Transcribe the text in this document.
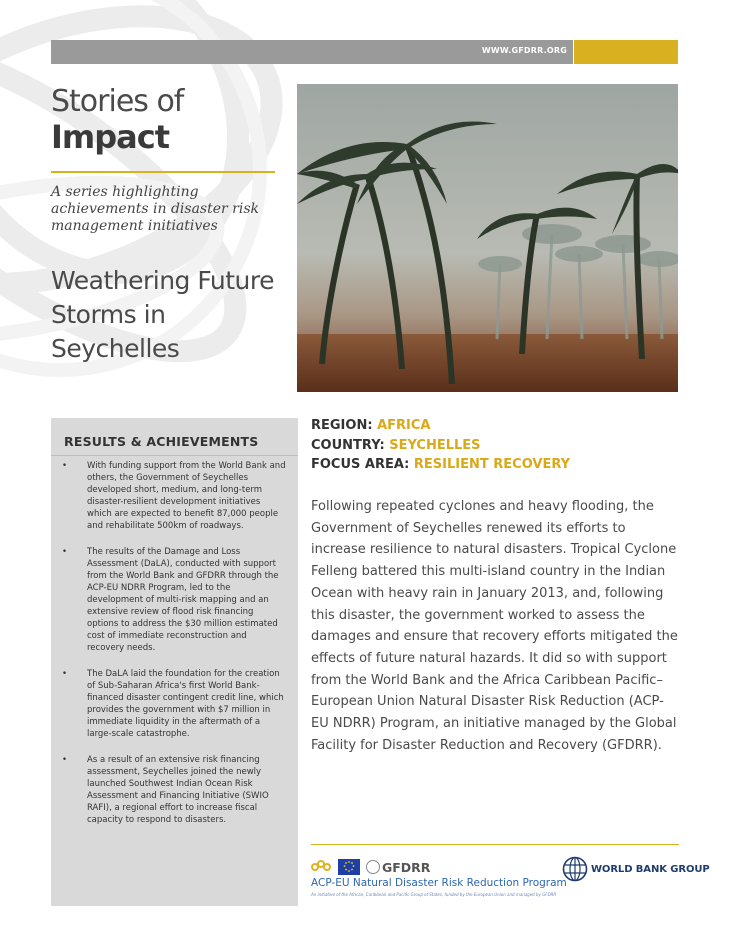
WWW.GFDRR.ORG
Stories of
Impact
A series highlighting achievements in disaster risk management initiatives
Weathering Future Storms in Seychelles
RESULTS & ACHIEVEMENTS
• With funding support from the World Bank and others, the Government of Seychelles developed short, medium, and long-term disaster-resilient development initiatives which are expected to benefit 87,000 people and rehabilitate 500km of roadways.
• The results of the Damage and Loss Assessment (DaLA), conducted with support from the World Bank and GFDRR through the ACP-EU NDRR Program, led to the development of multi-risk mapping and an extensive review of flood risk financing options to address the $30 million estimated cost of immediate reconstruction and recovery needs.
• The DaLA laid the foundation for the creation of Sub-Saharan Africa's first World Bank-financed disaster contingent credit line, which provides the government with $7 million in immediate liquidity in the aftermath of a large-scale catastrophe.
• As a result of an extensive risk financing assessment, Seychelles joined the newly launched Southwest Indian Ocean Risk Assessment and Financing Initiative (SWIO RAFI), a regional effort to increase fiscal capacity to respond to disasters.
REGION: AFRICA
COUNTRY: SEYCHELLES
FOCUS AREA: RESILIENT RECOVERY
Following repeated cyclones and heavy flooding, the Government of Seychelles renewed its efforts to increase resilience to natural disasters. Tropical Cyclone Felleng battered this multi-island country in the Indian Ocean with heavy rain in January 2013, and, following this disaster, the government worked to assess the damages and ensure that recovery efforts mitigated the effects of future natural hazards. It did so with support from the World Bank and the Africa Caribbean Pacific–European Union Natural Disaster Risk Reduction (ACP-EU NDRR) Program, an initiative managed by the Global Facility for Disaster Reduction and Recovery (GFDRR).
GFDRR
ACP-EU Natural Disaster Risk Reduction Program
An initiative of the African, Caribbean and Pacific Group of States, funded by the European Union and managed by GFDRR
WORLD BANK GROUP
